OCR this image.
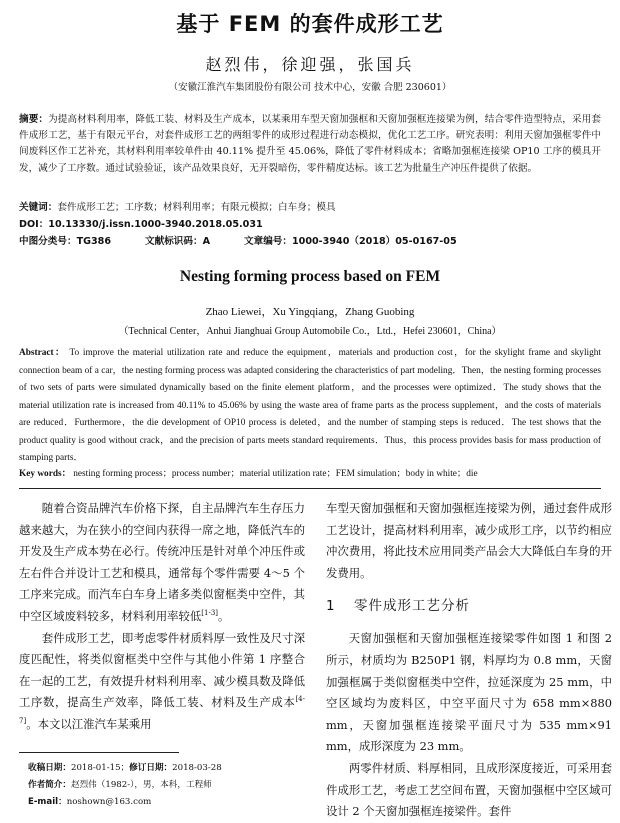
基于 FEM 的套件成形工艺
赵烈伟，徐迎强，张国兵
（安徽江淮汽车集团股份有限公司 技术中心，安徽 合肥 230601）

摘要：为提高材料利用率，降低工装、材料及生产成本，以某乘用车型天窗加强框和天窗加强框连接梁为例，结合零件造型特点，采用套件成形工艺，基于有限元平台，对套件成形工艺的两组零件的成形过程进行动态模拟，优化工艺工序。研究表明：利用天窗加强框零件中间废料区作工艺补充，其材料利用率较单件由 40.11% 提升至 45.06%，降低了零件材料成本；省略加强框连接梁 OP10 工序的模具开发，减少了工序数。通过试验验证，该产品效果良好，无开裂暗伤，零件精度达标。该工艺为批量生产冲压件提供了依据。

关键词：套件成形工艺；工序数；材料利用率；有限元模拟；白车身；模具
DOI：10.13330/j.issn.1000-3940.2018.05.031
中图分类号：TG386	文献标识码：A	文章编号：1000-3940（2018）05-0167-05
Nesting forming process based on FEM
Zhao Liewei，Xu Yingqiang，Zhang Guobing
（Technical Center，Anhui Jianghuai Group Automobile Co.，Ltd.，Hefei 230601，China）

Abstract： To improve the material utilization rate and reduce the equipment，materials and production cost，for the skylight frame and skylight connection beam of a car，the nesting forming process was adapted considering the characteristics of part modeling．Then，the nesting forming processes of two sets of parts were simulated dynamically based on the finite element platform，and the processes were optimized．The study shows that the material utilization rate is increased from 40.11% to 45.06% by using the waste area of frame parts as the process supplement，and the costs of materials are reduced．Furthermore，the die development of OP10 process is deleted，and the number of stamping steps is reduced．The test shows that the product quality is good without crack，and the precision of parts meets standard requirements．Thus，this process provides basis for mass production of stamping parts．

Key words： nesting forming process；process number；material utilization rate；FEM simulation；body in white；die

随着合资品牌汽车价格下探，自主品牌汽车生存压力越来越大，为在狭小的空间内获得一席之地，降低汽车的开发及生产成本势在必行。传统冲压是针对单个冲压件或左右件合并设计工艺和模具，通常每个零件需要 4～5 个工序来完成。而汽车白车身上诸多类似窗框类中空件，其中空区域废料较多，材料利用率较低[1-3]。

套件成形工艺，即考虑零件材质料厚一致性及尺寸深度匹配性，将类似窗框类中空件与其他小件第 1 序整合在一起的工艺，有效提升材料利用率、减少模具数及降低工序数，提高生产效率，降低工装、材料及生产成本[4-7]。本文以江淮汽车某乘用

车型天窗加强框和天窗加强框连接梁为例，通过套件成形工艺设计，提高材料利用率，减少成形工序，以节约相应冲次费用，将此技术应用同类产品会大大降低白车身的开发费用。

1 零件成形工艺分析

天窗加强框和天窗加强框连接梁零件如图 1 和图 2 所示，材质均为 B250P1 钢，料厚均为 0.8 mm，天窗加强框属于类似窗框类中空件，拉延深度为 25 mm，中空区域均为废料区，中空平面尺寸为 658 mm×880 mm，天窗加强框连接梁平面尺寸为 535 mm×91 mm，成形深度为 23 mm。

两零件材质、料厚相同，且成形深度接近，可采用套件成形工艺，考虑工艺空间布置，天窗加强框中空区域可设计 2 个天窗加强框连接梁件。套件

收稿日期：2018-01-15；修订日期：2018-03-28
作者简介：赵烈伟（1982-），男，本科，工程师
E-mail：noshown@163.com
